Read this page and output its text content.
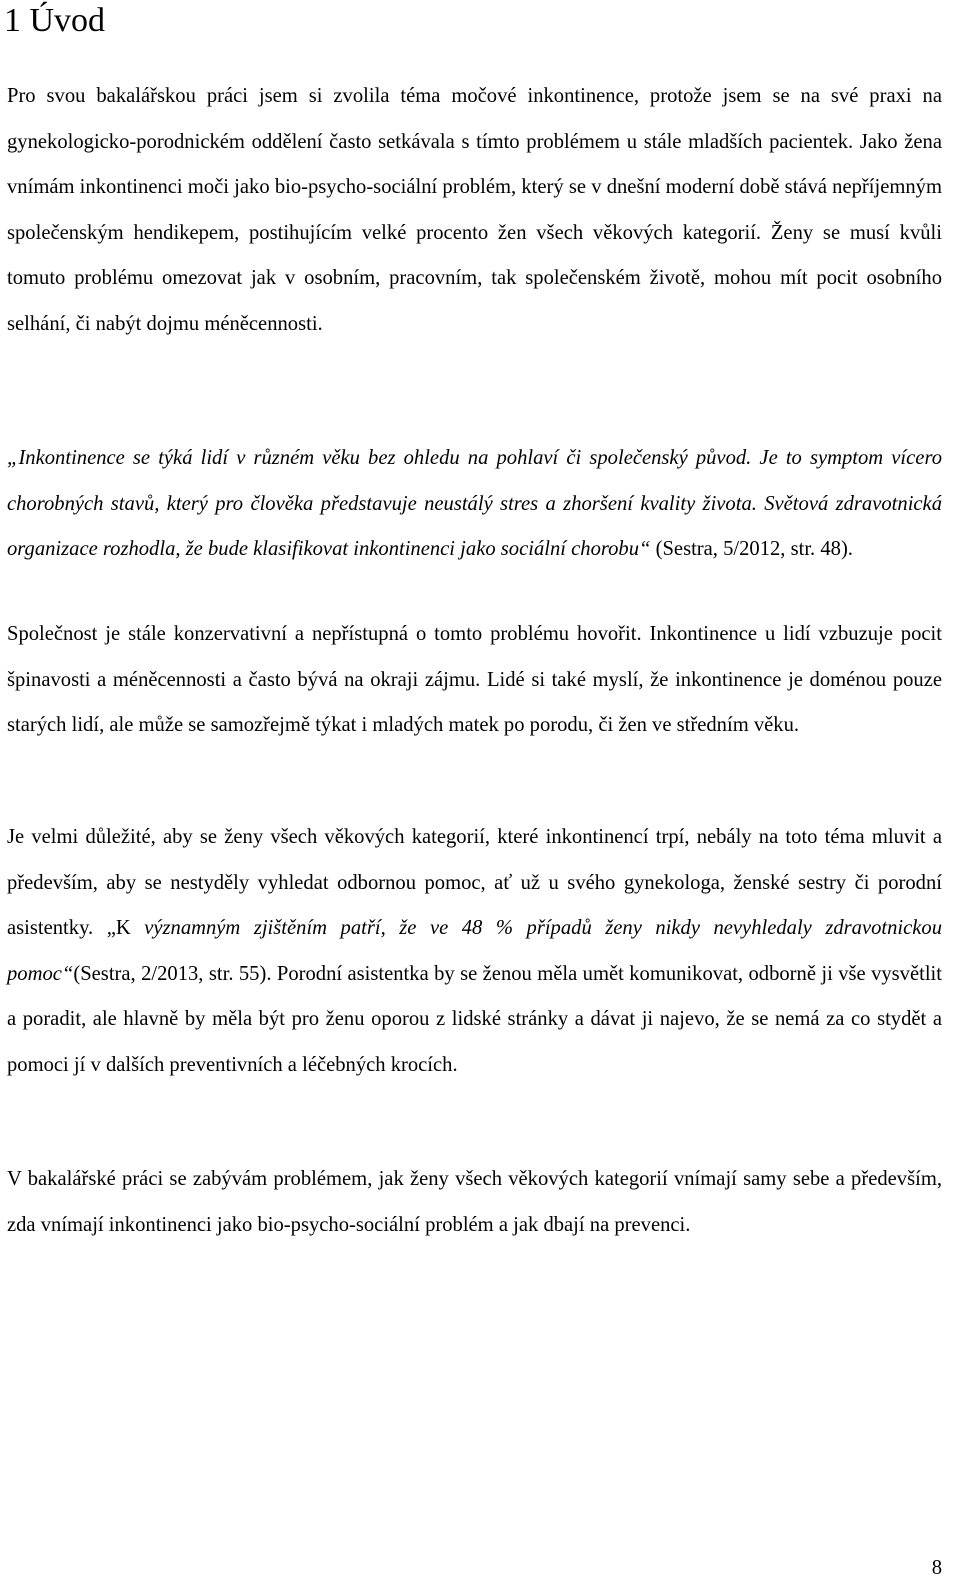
1 Úvod

Pro svou bakalářskou práci jsem si zvolila téma močové inkontinence, protože jsem se na své praxi na gynekologicko-porodnickém oddělení často setkávala s tímto problémem u stále mladších pacientek. Jako žena vnímám inkontinenci moči jako bio-psycho-sociální problém, který se v dnešní moderní době stává nepříjemným společenským hendikepem, postihujícím velké procento žen všech věkových kategorií. Ženy se musí kvůli tomuto problému omezovat jak v osobním, pracovním, tak společenském životě, mohou mít pocit osobního selhání, či nabýt dojmu méněcennosti.

„Inkontinence se týká lidí v různém věku bez ohledu na pohlaví či společenský původ. Je to symptom vícero chorobných stavů, který pro člověka představuje neustálý stres a zhoršení kvality života. Světová zdravotnická organizace rozhodla, že bude klasifikovat inkontinenci jako sociální chorobu“ (Sestra, 5/2012, str. 48).

Společnost je stále konzervativní a nepřístupná o tomto problému hovořit. Inkontinence u lidí vzbuzuje pocit špinavosti a méněcennosti a často bývá na okraji zájmu. Lidé si také myslí, že inkontinence je doménou pouze starých lidí, ale může se samozřejmě týkat i mladých matek po porodu, či žen ve středním věku.

Je velmi důležité, aby se ženy všech věkových kategorií, které inkontinencí trpí, nebály na toto téma mluvit a především, aby se nestyděly vyhledat odbornou pomoc, ať už u svého gynekologa, ženské sestry či porodní asistentky. „K významným zjištěním patří, že ve 48 % případů ženy nikdy nevyhledaly zdravotnickou pomoc“(Sestra, 2/2013, str. 55). Porodní asistentka by se ženou měla umět komunikovat, odborně ji vše vysvětlit a poradit, ale hlavně by měla být pro ženu oporou z lidské stránky a dávat ji najevo, že se nemá za co stydět a pomoci jí v dalších preventivních a léčebných krocích.

V bakalářské práci se zabývám problémem, jak ženy všech věkových kategorií vnímají samy sebe a především, zda vnímají inkontinenci jako bio-psycho-sociální problém a jak dbají na prevenci.

8
